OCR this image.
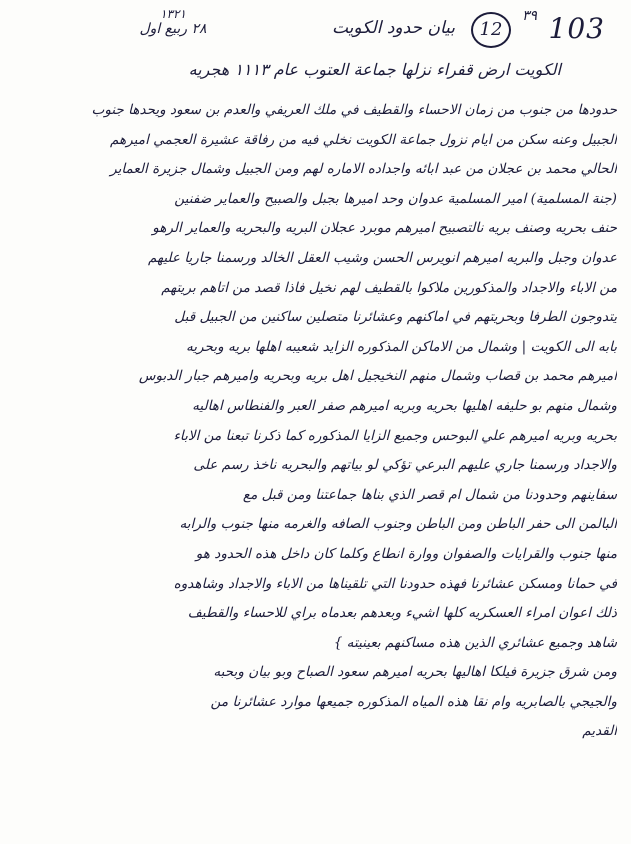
103
٣٩
12
بيان حدود الكويت
١٣٢١
٢٨ ربيع اول
الكويت ارض قفراء نزلها جماعة العتوب عام ١١١٣ هجريه
حدودها من جنوب من زمان الاحساء والقطيف في ملك العريفي والعدم بن سعود ويحدها جنوب
الجبيل وعنه سكن من ايام نزول جماعة الكويت نخلي فيه من رفاقة عشيرة العجمي اميرهم
الحالي محمد بن عجلان من عبد ابائه واجداده الاماره لهم ومن الجبيل وشمال جزيرة العماير
(جنة المسلمية) امير المسلمية عدوان وحد اميرها بجبل والصبيح والعماير ضفنين
حنف بحريه وصنف بريه نالتصبيح اميرهم موبرد عجلان البريه والبحريه والعماير الرهو
عدوان وجبل والبريه اميرهم انويرس الحسن وشيب العقل الخالد ورسمنا جاريا عليهم
من الاباء والاجداد والمذكورين ملاكوا بالقطيف لهم نخيل فاذا قصد من اتاهم بريتهم
يتدوجون الطرفا وبحريتهم في اماكنهم وعشائرنا متصلين ساكنين من الجبيل قبل
بابه الى الكويت | وشمال من الاماكن المذكوره الزايد شعيبه اهلها بريه وبحريه
اميرهم محمد بن قصاب وشمال منهم النخيجيل اهل بريه وبحريه واميرهم جبار الدبوس
وشمال منهم بو حليفه اهليها بحريه وبريه اميرهم صفر العبر والفنطاس اهاليه
بحريه وبريه اميرهم علي البوحس وجميع الزايا المذكوره كما ذكرنا تبعنا من الاباء
والاجداد ورسمنا جاري عليهم البرعي تؤكي لو بياتهم والبحريه ناخذ رسم على
سفاينهم وحدودنا من شمال ام قصر الذي بناها جماعتنا ومن قبل مع
البالمن الى حفر الباطن ومن الباطن وجنوب الصافه والغرمه منها جنوب والرابه
منها جنوب والقرايات والصفوان ووارة انطاع وكلما كان داخل هذه الحدود هو
في حمانا ومسكن عشائرنا فهذه حدودنا التي تلقيناها من الاباء والاجداد وشاهدوه
ذلك اعوان امراء العسكريه كلها اشيء وبعدهم بعدماه براي للاحساء والقطيف
شاهد وجميع عشائري الذين هذه مساكنهم بعينيته }
ومن شرق جزيرة فيلكا اهاليها بحريه اميرهم سعود الصباح وبو بيان وبحبه
والجيجي بالصابريه وام نقا هذه المياه المذكوره جميعها موارد عشائرنا من
القديم
